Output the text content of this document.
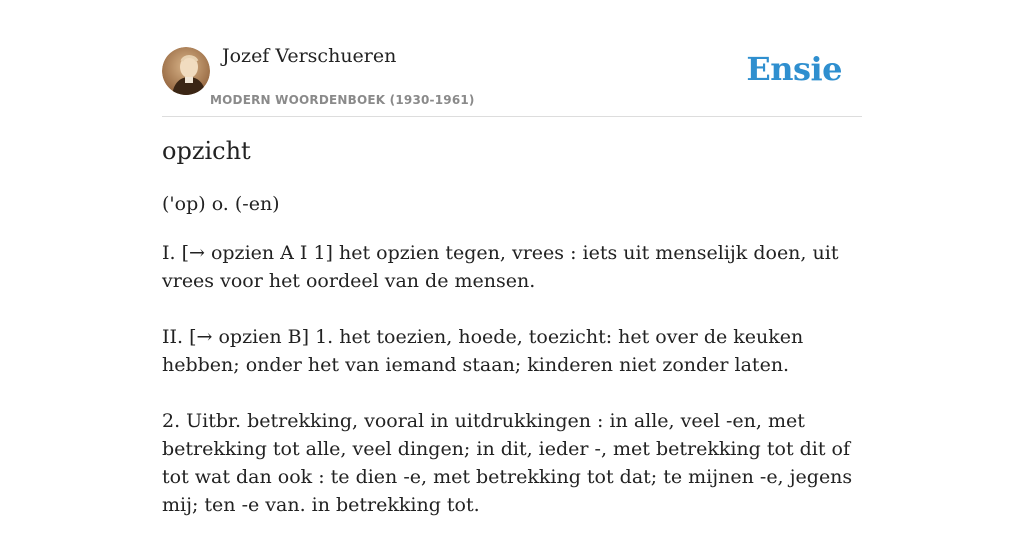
Jozef Verschueren
MODERN WOORDENBOEK (1930-1961)
Ensie
opzicht
('op) o. (-en)

I. [→ opzien A I 1] het opzien tegen, vrees : iets uit menselijk doen, uit vrees voor het oordeel van de mensen.

II. [→ opzien B] 1. het toezien, hoede, toezicht: het over de keuken hebben; onder het van iemand staan; kinderen niet zonder laten.

2. Uitbr. betrekking, vooral in uitdrukkingen : in alle, veel -en, met betrekking tot alle, veel dingen; in dit, ieder -, met betrekking tot dit of tot wat dan ook : te dien -e, met betrekking tot dat; te mijnen -e, jegens mij; ten -e van. in betrekking tot.
